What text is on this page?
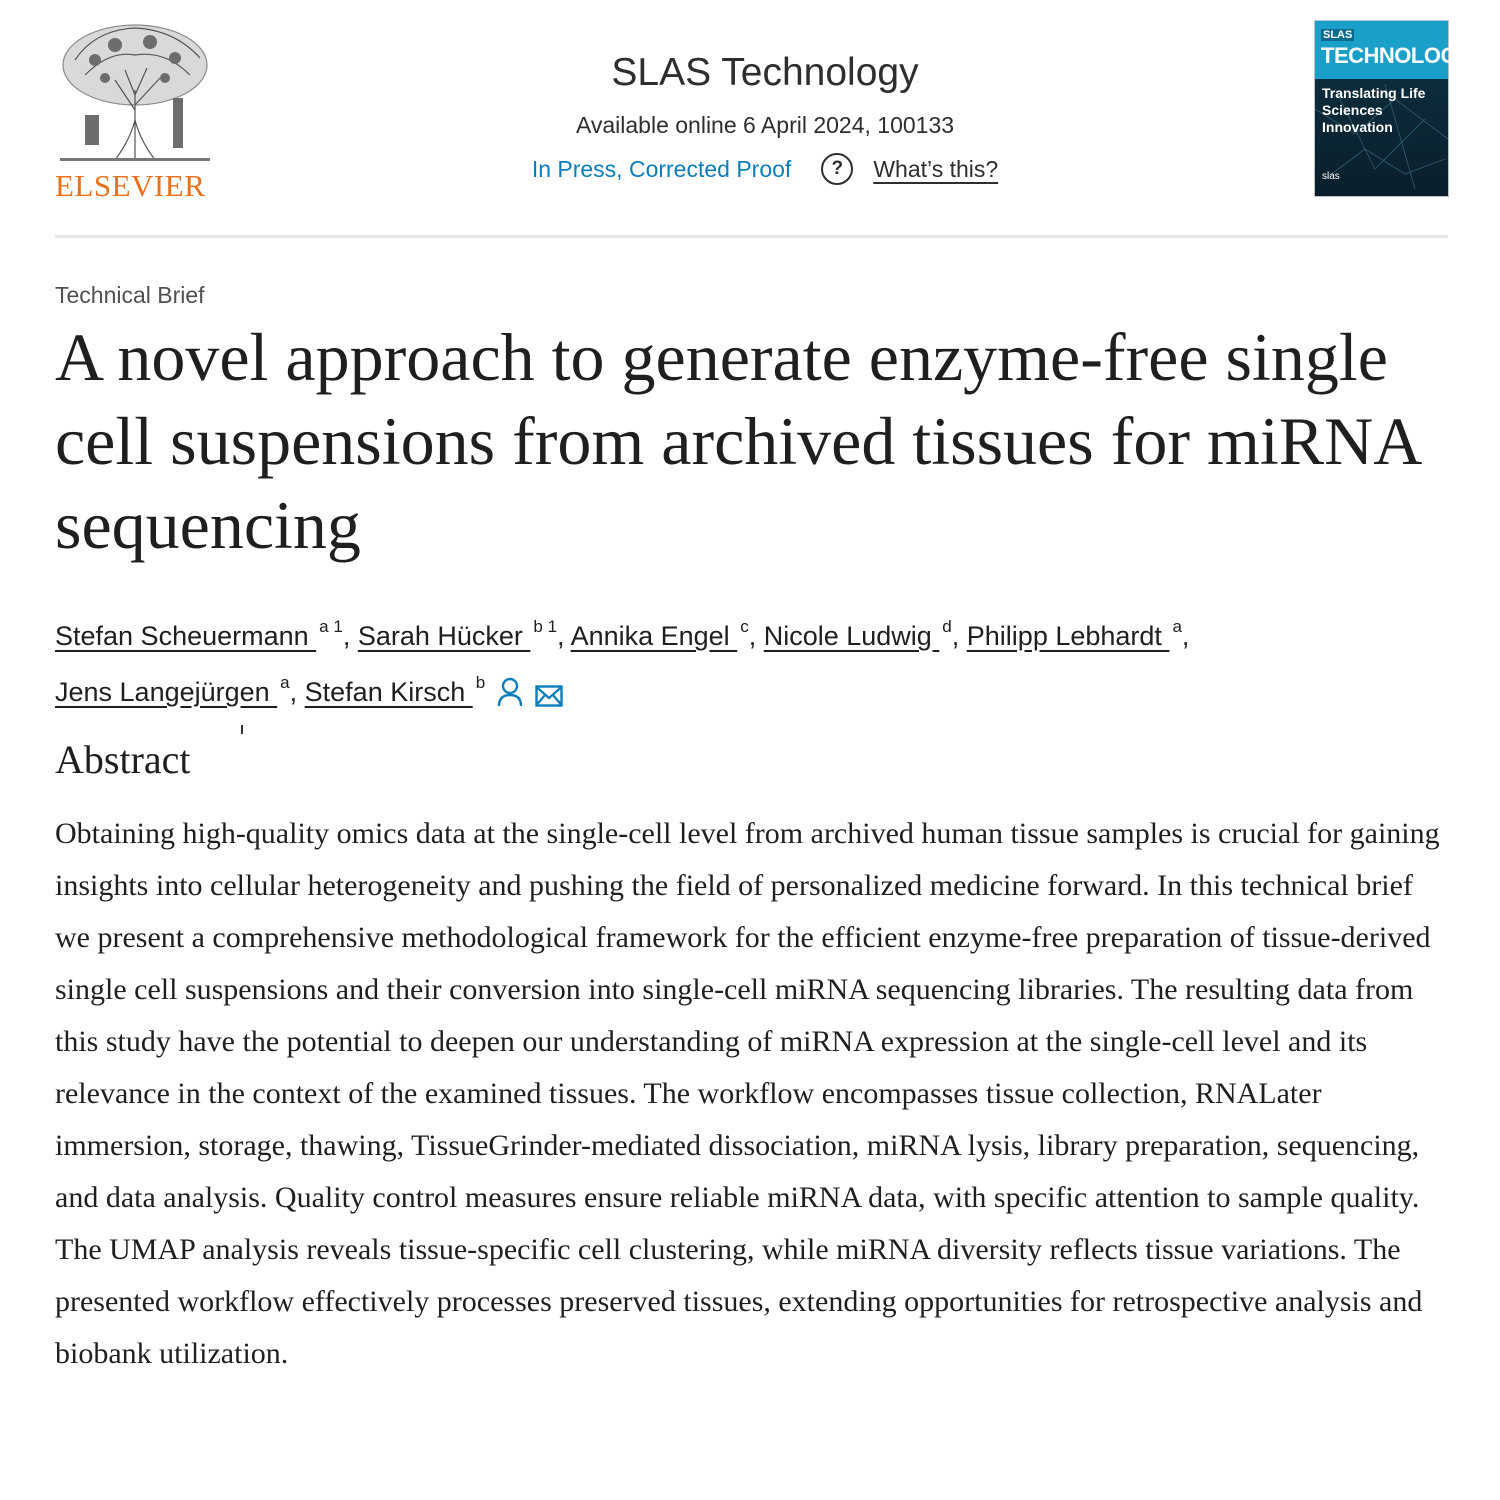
ELSEVIER
SLAS Technology
Available online 6 April 2024, 100133
In Press, Corrected Proof	?	What’s this?
SLAS
TECHNOLOGY
Translating Life Sciences Innovation
slas
Technical Brief
A novel approach to generate enzyme-free single cell suspensions from archived tissues for miRNA sequencing
Stefan Scheuermann $^{a 1}$, Sarah Hücker $^{b 1}$, Annika Engel $^c$, Nicole Ludwig $^d$, Philipp Lebhardt $^a$,
Jens Langejürgen $^a$, Stefan Kirsch $^b$
Abstract

Obtaining high-quality omics data at the single-cell level from archived human tissue samples is crucial for gaining insights into cellular heterogeneity and pushing the field of personalized medicine forward. In this technical brief we present a comprehensive methodological framework for the efficient enzyme-free preparation of tissue-derived single cell suspensions and their conversion into single-cell miRNA sequencing libraries. The resulting data from this study have the potential to deepen our understanding of miRNA expression at the single-cell level and its relevance in the context of the examined tissues. The workflow encompasses tissue collection, RNALater immersion, storage, thawing, TissueGrinder-mediated dissociation, miRNA lysis, library preparation, sequencing, and data analysis. Quality control measures ensure reliable miRNA data, with specific attention to sample quality. The UMAP analysis reveals tissue-specific cell clustering, while miRNA diversity reflects tissue variations. The presented workflow effectively processes preserved tissues, extending opportunities for retrospective analysis and biobank utilization.
